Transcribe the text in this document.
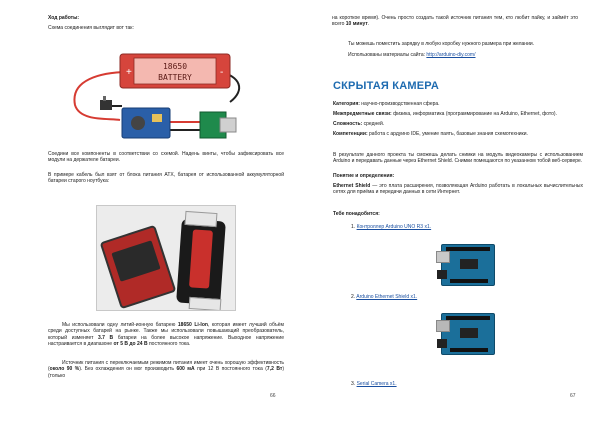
Ход работы:
Схема соединения выглядит вот так:
+	-
18650
BATTERY
Соедини все компоненты в соответствии со схемой. Надень винты, чтобы зафиксировать все модули на держателе батареи.
В примере кабель был взят от блока питания ATX, батарея от использованной аккумуляторной батареи старого ноутбука:
Мы использовали одну литий-ионную батарею 18650 Li-Ion, которая имеет лучший объём среди доступных батарей на рынке. Также мы использовали повышающий преобразователь, который изменяет 3.7 В батареи на более высокое напряжение. Выходное напряжение настраивается в диапазоне от 5 В до 24 В постоянного тока.
Источник питания с переключаемым режимом питания имеет очень хорошую эффективность (около 90 %). Без охлаждения он мог производить 600 мА при 12 В постоянного тока (7,2 Вт) (только
66
на короткое время). Очень просто создать такой источник питания тем, кто любит пайку, и займёт это всего 10 минут.
Ты можешь поместить зарядку в любую коробку нужного размера при желании.
Использованы материалы сайта: http://arduino-diy.com/
СКРЫТАЯ КАМЕРА
Категория: научно-производственная сфера.
Межпредметные связи: физика, информатика (программирование на Arduino, Ethernet, фото).
Сложность: средней.
Компетенции: работа с ардуино IDE, умение паять, базовые знания схемотехники.
В результате данного проекта ты сможешь делать снимки на модуль видеокамеры с использованием Arduino и передавать данные через Ethernet Shield. Снимки помещаются по указанном тобой веб-сервере.
Понятие и определения:
Ethernet Shield — это плата расширения, позволяющая Arduino работать в локальных вычислительных сетях для приёма и передачи данных в сети Интернет.
Тебе понадобится:
1. Контроллер Arduino UNO R3 x1.
2. Arduino Ethernet Shield x1.
3. Serial Camera x1.
67
